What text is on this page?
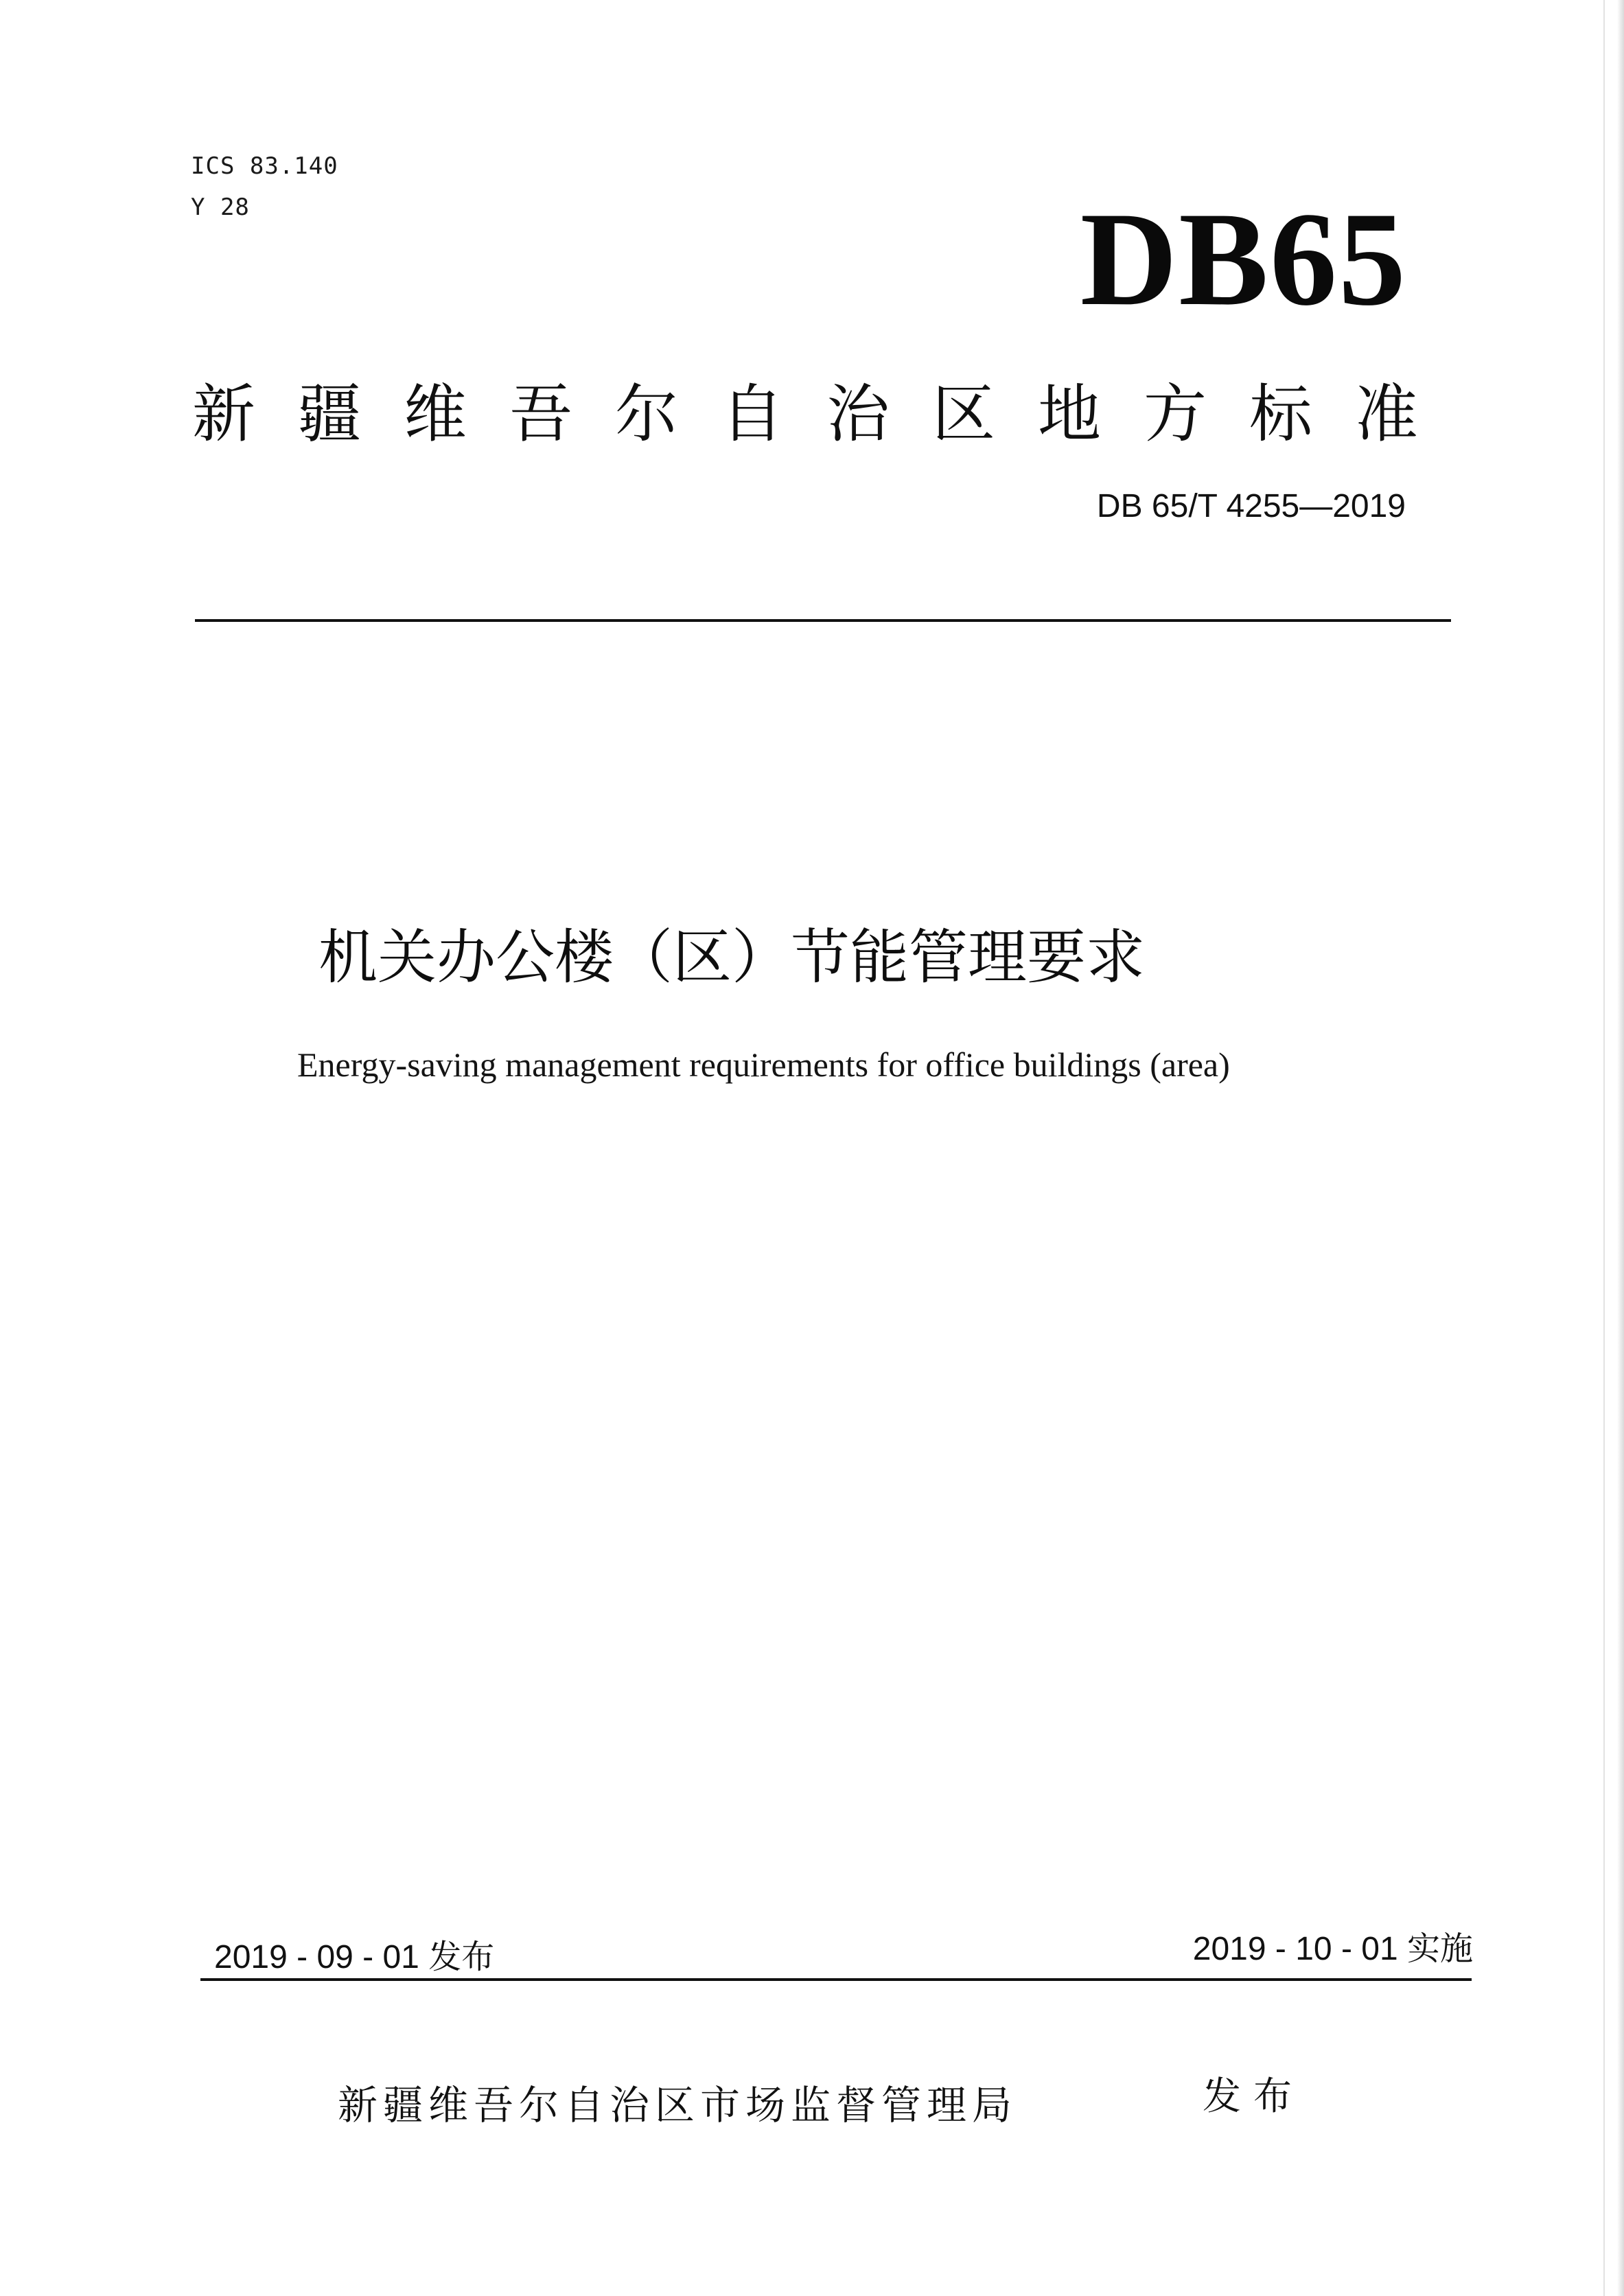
ICS 83.140
Y 28	DB65
新疆维吾尔自治区地方标准
DB 65/T 4255—2019
机关办公楼（区）节能管理要求
Energy-saving management requirements for office buildings (area)
2019 - 09 - 01 发布	2019 - 10 - 01 实施
新疆维吾尔自治区市场监督管理局	发布
